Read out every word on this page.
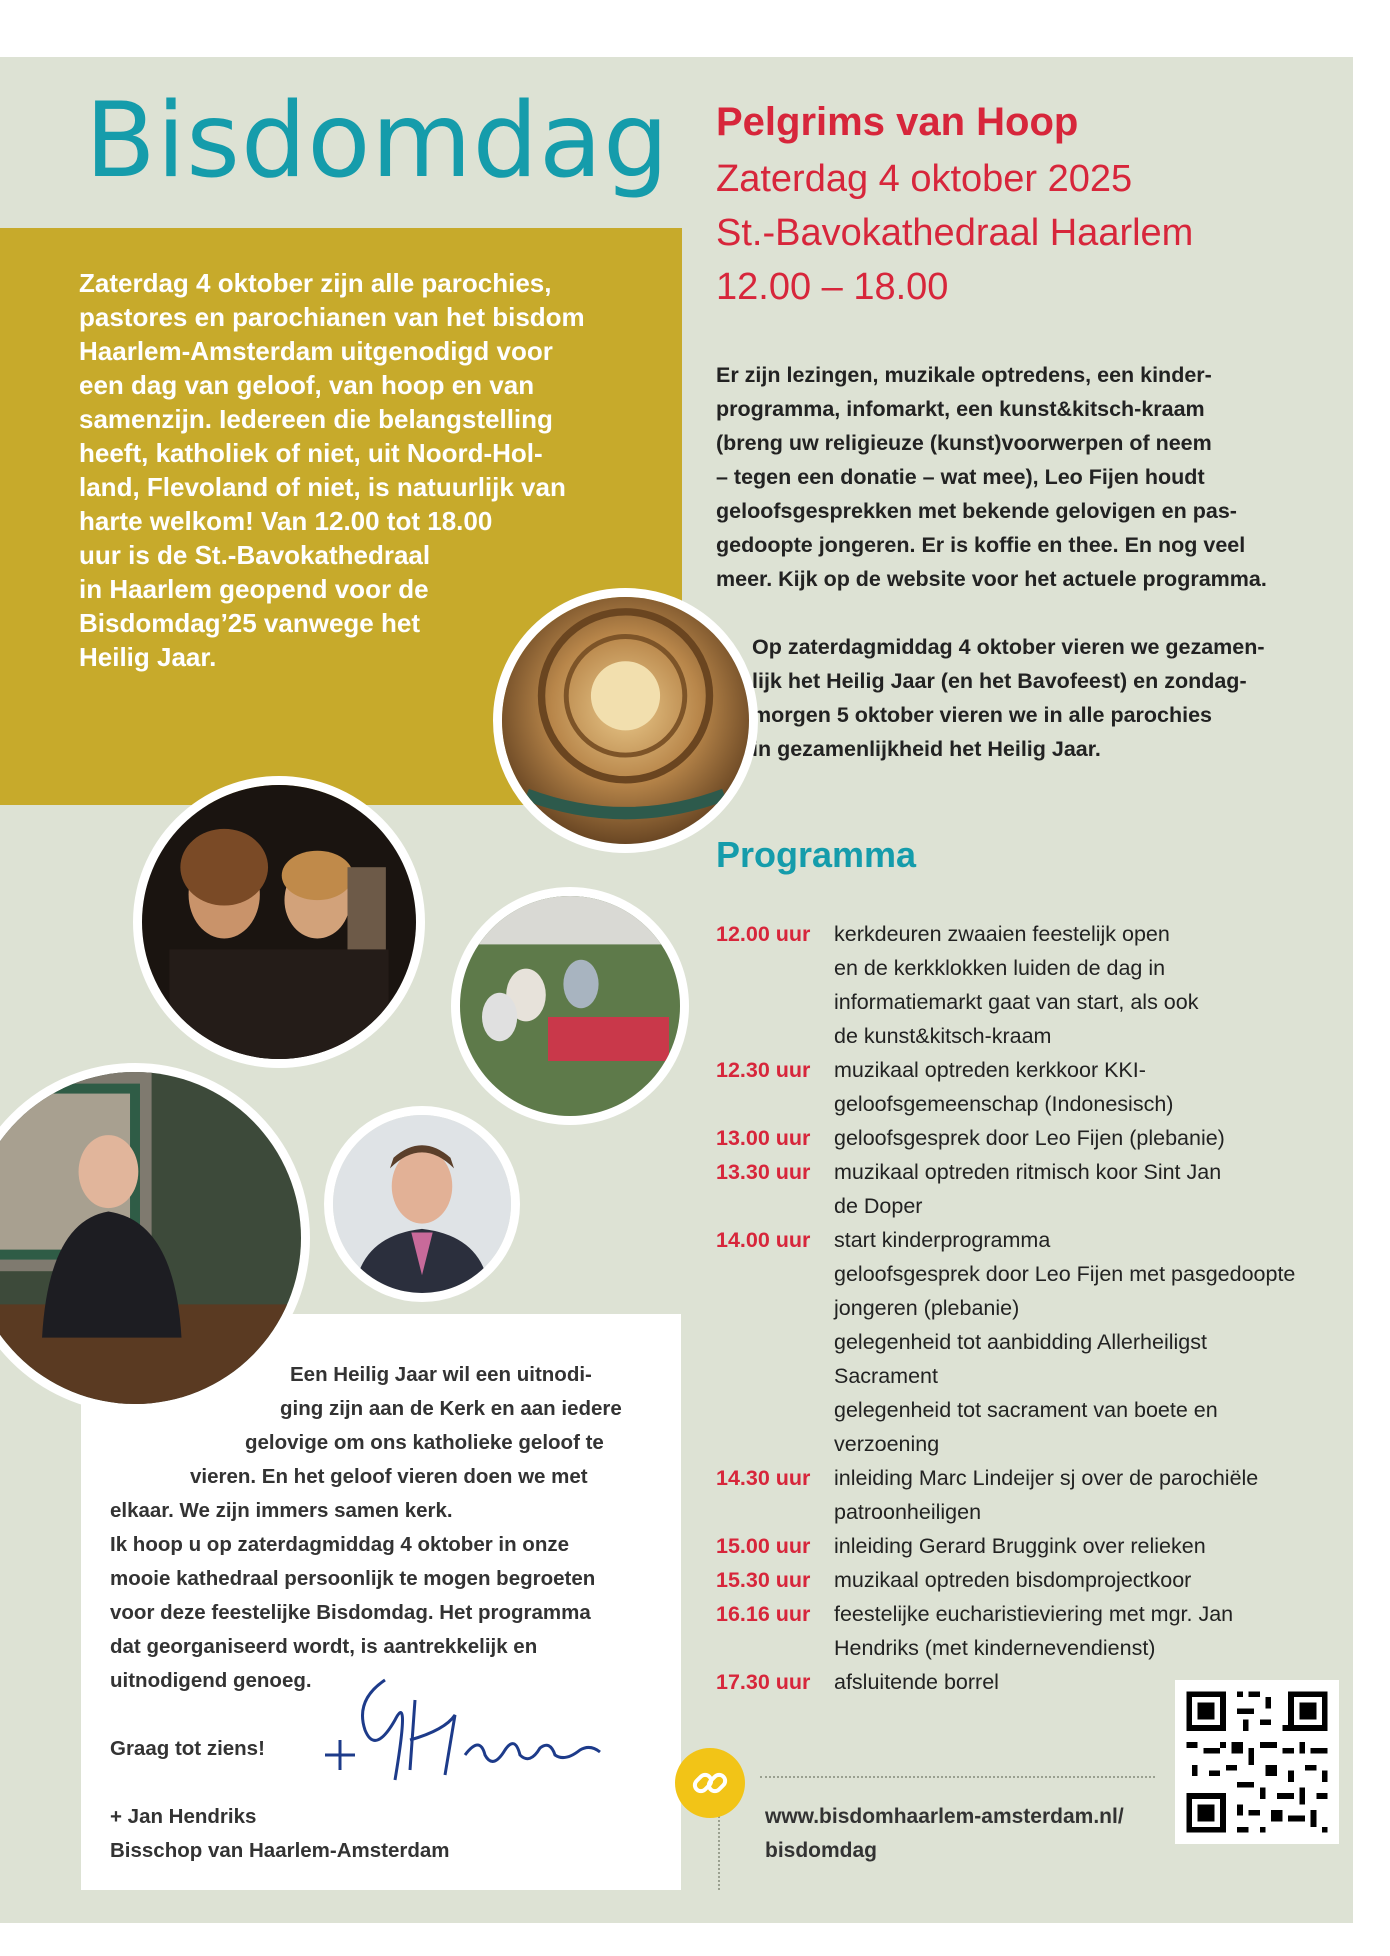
Bisdomdag
Zaterdag 4 oktober zijn alle parochies,
pastores en parochianen van het bisdom
Haarlem-Amsterdam uitgenodigd voor
een dag van geloof, van hoop en van
samenzijn. Iedereen die belangstelling
heeft, katholiek of niet, uit Noord-Hol-
land, Flevoland of niet, is natuurlijk van
harte welkom! Van 12.00 tot 18.00
uur is de St.-Bavokathedraal
in Haarlem geopend voor de
Bisdomdag’25 vanwege het
Heilig Jaar.
Pelgrims van Hoop
Zaterdag 4 oktober 2025
St.-Bavokathedraal Haarlem
12.00 – 18.00
Er zijn lezingen, muzikale optredens, een kinder-
programma, infomarkt, een kunst&kitsch-kraam
(breng uw religieuze (kunst)voorwerpen of neem
– tegen een donatie – wat mee), Leo Fijen houdt
geloofsgesprekken met bekende gelovigen en pas-
gedoopte jongeren. Er is koffie en thee. En nog veel
meer. Kijk op de website voor het actuele programma.
Op zaterdagmiddag 4 oktober vieren we gezamen-
lijk het Heilig Jaar (en het Bavofeest) en zondag-
morgen 5 oktober vieren we in alle parochies
in gezamenlijkheid het Heilig Jaar.
Programma
12.00 uur	kerkdeuren zwaaien feestelijk open
en de kerkklokken luiden de dag in
informatiemarkt gaat van start, als ook
de kunst&kitsch-kraam
12.30 uur	muzikaal optreden kerkkoor KKI-
geloofsgemeenschap (Indonesisch)
13.00 uur	geloofsgesprek door Leo Fijen (plebanie)
13.30 uur	muzikaal optreden ritmisch koor Sint Jan
de Doper
14.00 uur	start kinderprogramma
geloofsgesprek door Leo Fijen met pasgedoopte
jongeren (plebanie)
gelegenheid tot aanbidding Allerheiligst
Sacrament
gelegenheid tot sacrament van boete en
verzoening
14.30 uur	inleiding Marc Lindeijer sj over de parochiële
patroonheiligen
15.00 uur	inleiding Gerard Bruggink over relieken
15.30 uur	muzikaal optreden bisdomprojectkoor
16.16 uur	feestelijke eucharistieviering met mgr. Jan
Hendriks (met kindernevendienst)
17.30 uur	afsluitende borrel
Een Heilig Jaar wil een uitnodi-
ging zijn aan de Kerk en aan iedere
gelovige om ons katholieke geloof te
vieren. En het geloof vieren doen we met
elkaar. We zijn immers samen kerk.
Ik hoop u op zaterdagmiddag 4 oktober in onze
mooie kathedraal persoonlijk te mogen begroeten
voor deze feestelijke Bisdomdag. Het programma
dat georganiseerd wordt, is aantrekkelijk en
uitnodigend genoeg.
Graag tot ziens!
+ Jan Hendriks
Bisschop van Haarlem-Amsterdam
www.bisdomhaarlem-amsterdam.nl/
bisdomdag
